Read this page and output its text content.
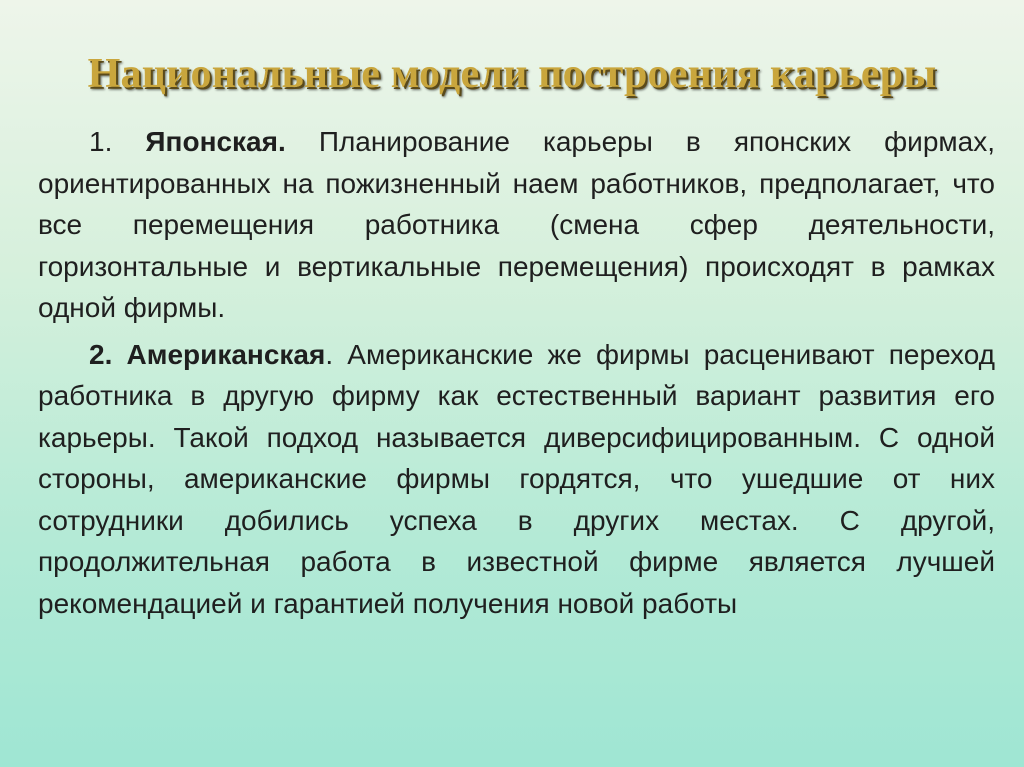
Национальные модели построения карьеры

1. Японская. Планирование карьеры в японских фирмах, ориентированных на пожизненный наем работников, предполагает, что все перемещения работника (смена сфер деятельности, горизонтальные и вертикальные перемещения) происходят в рамках одной фирмы.

2. Американская. Американские же фирмы расценивают переход работника в другую фирму как естественный вариант развития его карьеры. Такой подход называется диверсифицированным. С одной стороны, американские фирмы гордятся, что ушедшие от них сотрудники добились успеха в других местах. С другой, продолжительная работа в известной фирме является лучшей рекомендацией и гарантией получения новой работы
